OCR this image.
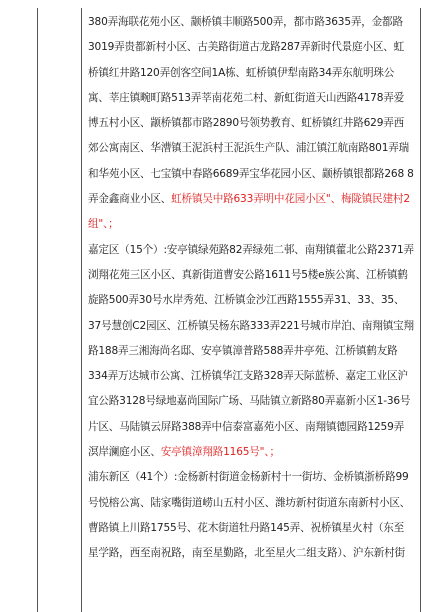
380弄海联花苑小区、颛桥镇丰顺路500弄，都市路3635弄，金都路3019弄贵都新村小区、古美路街道古龙路287弄新时代景庭小区、虹桥镇红井路120弄创客空间1A栋、虹桥镇伊犁南路34弄东航明珠公寓、莘庄镇畹町路513弄莘南花苑二村、新虹街道天山西路4178弄爱博五村小区、颛桥镇都市路2890号领势教育、虹桥镇红井路629弄西郊公寓南区、华漕镇王泥浜村王泥浜生产队、浦江镇江航南路801弄瑞和华苑小区、七宝镇中春路6689弄宝华花园小区、颛桥镇银都路268 8弄金鑫商业小区、虹桥镇吴中路633弄明中花园小区"、梅陇镇民建村2组"、；

嘉定区（15个）:安亭镇绿苑路82弄绿苑二邨、南翔镇藿北公路2371弄浏翔花苑三区小区、真新街道曹安公路1611号5楼e族公寓、江桥镇鹤旋路500弄30号水岸秀苑、江桥镇金沙江西路1555弄31、33、35、37号慧创C2园区、江桥镇吴杨东路333弄221号城市岸泊、南翔镇宝翔路188弄三湘海尚名邸、安亭镇漳普路588弄井亭苑、江桥镇鹤友路334弄万达城市公寓、江桥镇华江支路328弄天际蓝桥、嘉定工业区沪宜公路3128号绿地嘉尚国际广场、马陆镇立新路80弄嘉新小区1-36号片区、马陆镇云屏路388弄中信泰富嘉苑小区、南翔镇德园路1259弄溟岸澜庭小区、安亭镇漳翔路1165号"、；

浦东新区（41个）:金杨新村街道金杨新村十一街坊、金桥镇浙桥路99号悦榕公寓、陆家嘴街道崂山五村小区、潍坊新村街道东南新村小区、曹路镇上川路1755号、花木街道牡丹路145弄、祝桥镇星火村（东至星学路，西至南祝路，南至星勤路，北至星火二组支路）、沪东新村街
